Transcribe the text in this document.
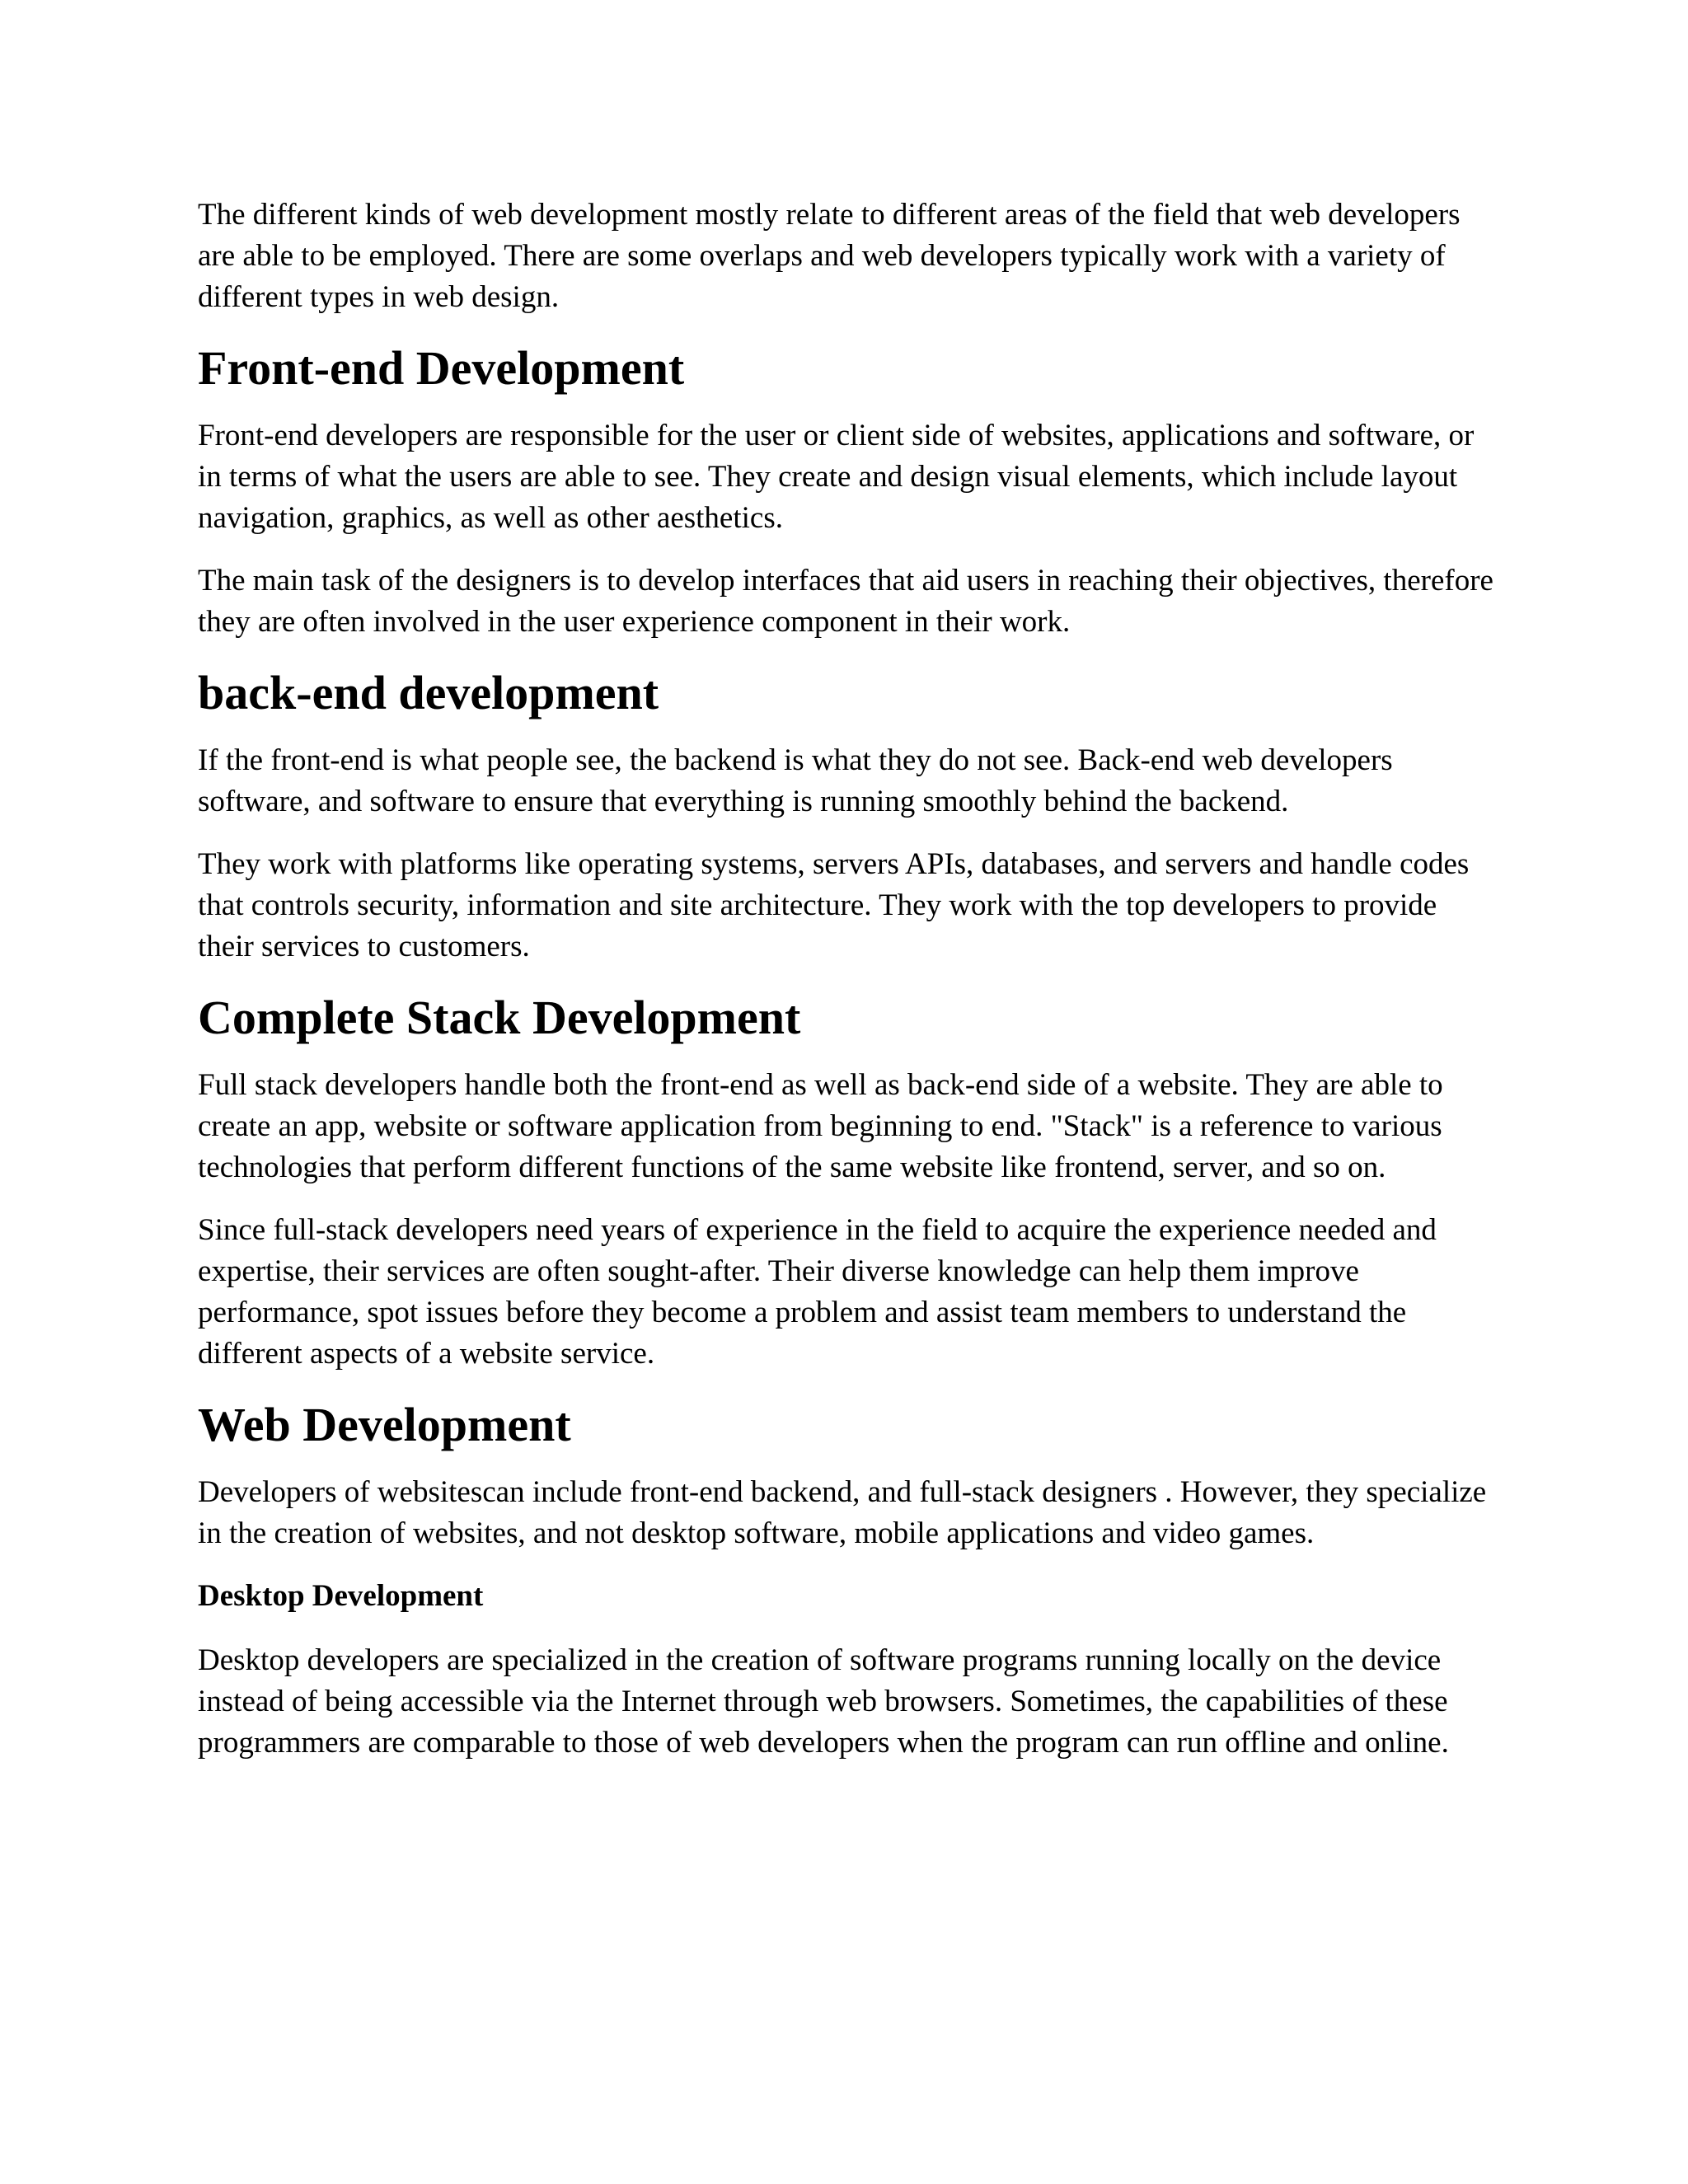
The different kinds of web development mostly relate to different areas of the field that web developers are able to be employed. There are some overlaps and web developers typically work with a variety of different types in web design.

Front-end Development

Front-end developers are responsible for the user or client side of websites, applications and software, or in terms of what the users are able to see. They create and design visual elements, which include layout navigation, graphics, as well as other aesthetics.

The main task of the designers is to develop interfaces that aid users in reaching their objectives, therefore they are often involved in the user experience component in their work.

back-end development

If the front-end is what people see, the backend is what they do not see. Back-end web developers software, and software to ensure that everything is running smoothly behind the backend.

They work with platforms like operating systems, servers APIs, databases, and servers and handle codes that controls security, information and site architecture. They work with the top developers to provide their services to customers.

Complete Stack Development

Full stack developers handle both the front-end as well as back-end side of a website. They are able to create an app, website or software application from beginning to end. "Stack" is a reference to various technologies that perform different functions of the same website like frontend, server, and so on.

Since full-stack developers need years of experience in the field to acquire the experience needed and expertise, their services are often sought-after. Their diverse knowledge can help them improve performance, spot issues before they become a problem and assist team members to understand the different aspects of a website service.

Web Development

Developers of websitescan include front-end backend, and full-stack designers . However, they specialize in the creation of websites, and not desktop software, mobile applications and video games.

Desktop Development

Desktop developers are specialized in the creation of software programs running locally on the device instead of being accessible via the Internet through web browsers. Sometimes, the capabilities of these programmers are comparable to those of web developers when the program can run offline and online.
